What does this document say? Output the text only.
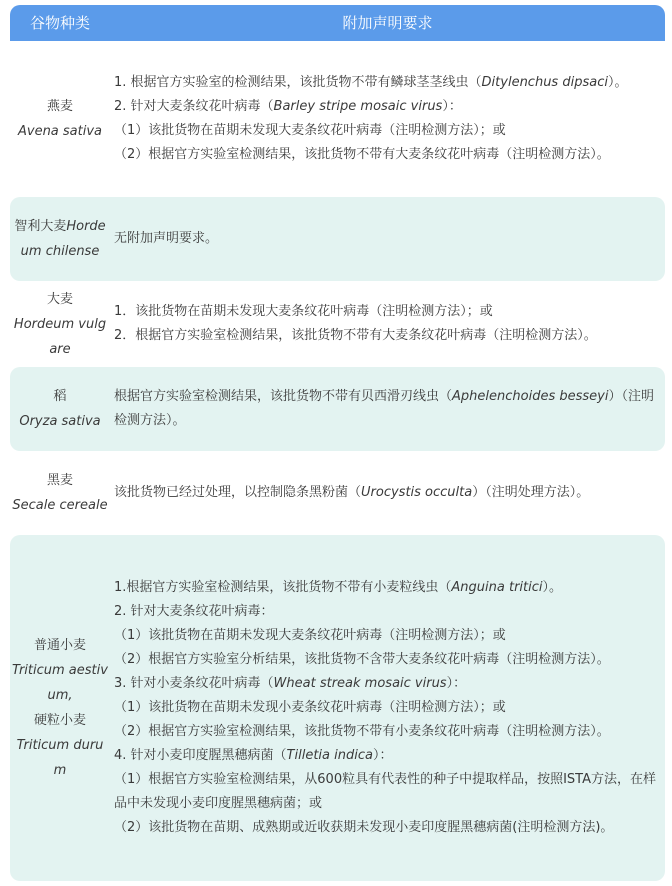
谷物种类	附加声明要求
燕麦
Avena sativa
1. 根据官方实验室的检测结果，该批货物不带有鳞球茎茎线虫（Ditylenchus dipsaci）。
2. 针对大麦条纹花叶病毒（Barley stripe mosaic virus）：
（1）该批货物在苗期未发现大麦条纹花叶病毒（注明检测方法）；或
（2）根据官方实验室检测结果，该批货物不带有大麦条纹花叶病毒（注明检测方法）。
智利大麦Hordeum chilense
无附加声明要求。
大麦
Hordeum vulgare
1．该批货物在苗期未发现大麦条纹花叶病毒（注明检测方法）；或
2．根据官方实验室检测结果，该批货物不带有大麦条纹花叶病毒（注明检测方法）。
稻
Oryza sativa
根据官方实验室检测结果，该批货物不带有贝西滑刃线虫（Aphelenchoides besseyi）（注明检测方法）。
黑麦
Secale cereale
该批货物已经过处理，以控制隐条黑粉菌（Urocystis occulta）（注明处理方法）。
普通小麦
Triticum aestivum,
硬粒小麦
Triticum durum
1.根据官方实验室检测结果，该批货物不带有小麦粒线虫（Anguina tritici）。
2. 针对大麦条纹花叶病毒：
（1）该批货物在苗期未发现大麦条纹花叶病毒（注明检测方法）；或
（2）根据官方实验室分析结果，该批货物不含带大麦条纹花叶病毒（注明检测方法）。
3. 针对小麦条纹花叶病毒（Wheat streak mosaic virus）：
（1）该批货物在苗期未发现小麦条纹花叶病毒（注明检测方法）；或
（2）根据官方实验室检测结果，该批货物不带有小麦条纹花叶病毒（注明检测方法）。
4. 针对小麦印度腥黑穗病菌（Tilletia indica）：
（1）根据官方实验室检测结果，从600粒具有代表性的种子中提取样品，按照ISTA方法，在样品中未发现小麦印度腥黑穗病菌；或
（2）该批货物在苗期、成熟期或近收获期未发现小麦印度腥黑穗病菌(注明检测方法)。
